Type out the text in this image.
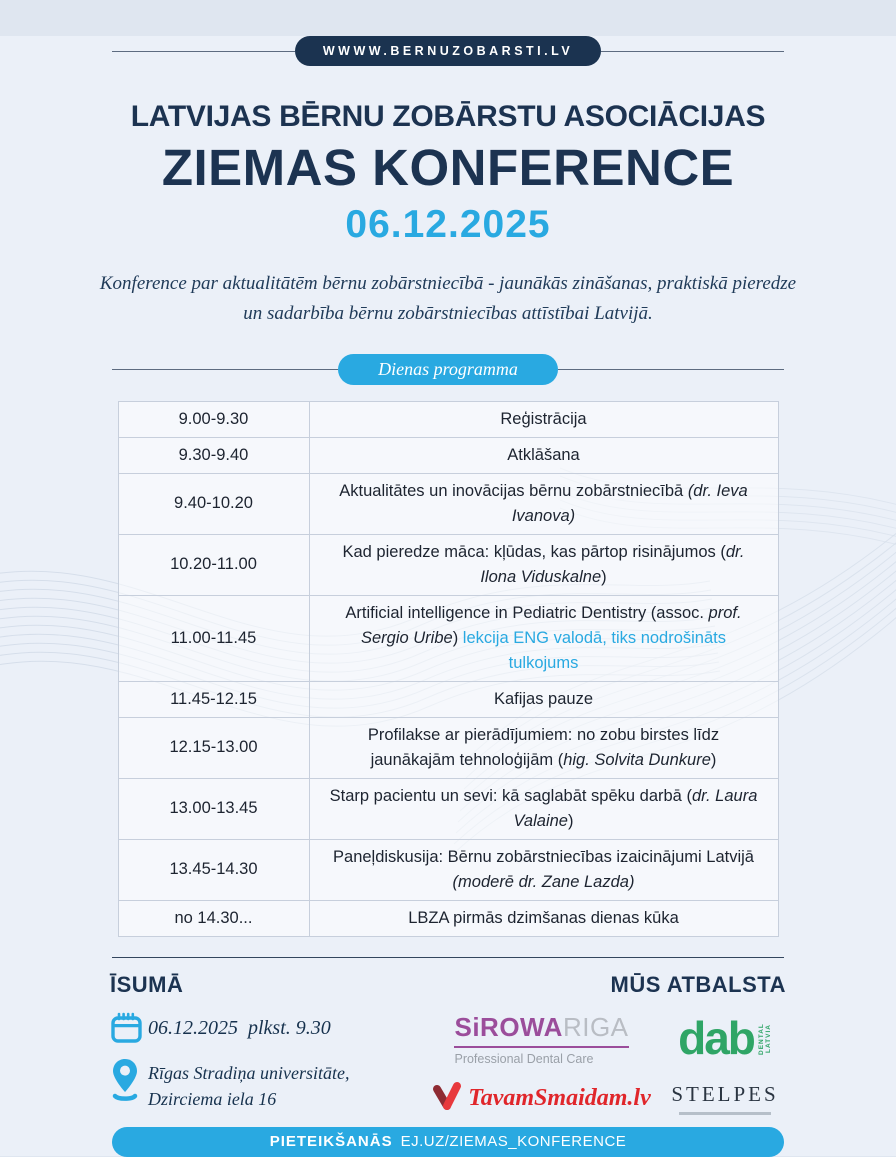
WWWW.BERNUZOBARSTI.LV
LATVIJAS BĒRNU ZOBĀRSTU ASOCIĀCIJAS
ZIEMAS KONFERENCE
06.12.2025

Konference par aktualitātēm bērnu zobārstniecībā - jaunākās zināšanas, praktiskā pieredze
un sadarbība bērnu zobārstniecības attīstībai Latvijā.

Dienas programma
9.00-9.30	Reģistrācija
9.30-9.40	Atklāšana
9.40-10.20	Aktualitātes un inovācijas bērnu zobārstniecībā (dr. Ieva Ivanova)
10.20-11.00	Kad pieredze māca: kļūdas, kas pārtop risinājumos (dr. Ilona Viduskalne)
11.00-11.45	Artificial intelligence in Pediatric Dentistry (assoc. prof. Sergio Uribe) lekcija ENG valodā, tiks nodrošināts tulkojums
11.45-12.15	Kafijas pauze
12.15-13.00	Profilakse ar pierādījumiem: no zobu birstes līdz jaunākajām tehnoloģijām (hig. Solvita Dunkure)
13.00-13.45	Starp pacientu un sevi: kā saglabāt spēku darbā (dr. Laura Valaine)
13.45-14.30	Paneļdiskusija: Bērnu zobārstniecības izaicinājumi Latvijā (moderē dr. Zane Lazda)
no 14.30...	LBZA pirmās dzimšanas dienas kūka
ĪSUMĀ
06.12.2025  plkst. 9.30
Rīgas Stradiņa universitāte,
Dzirciema iela 16
MŪS ATBALSTA
SiROWARIGA
Professional Dental Care	dab DENTAL LATVIA
TavamSmaidam.lv STELPES
PIETEIKŠANĀS EJ.UZ/ZIEMAS_KONFERENCE
